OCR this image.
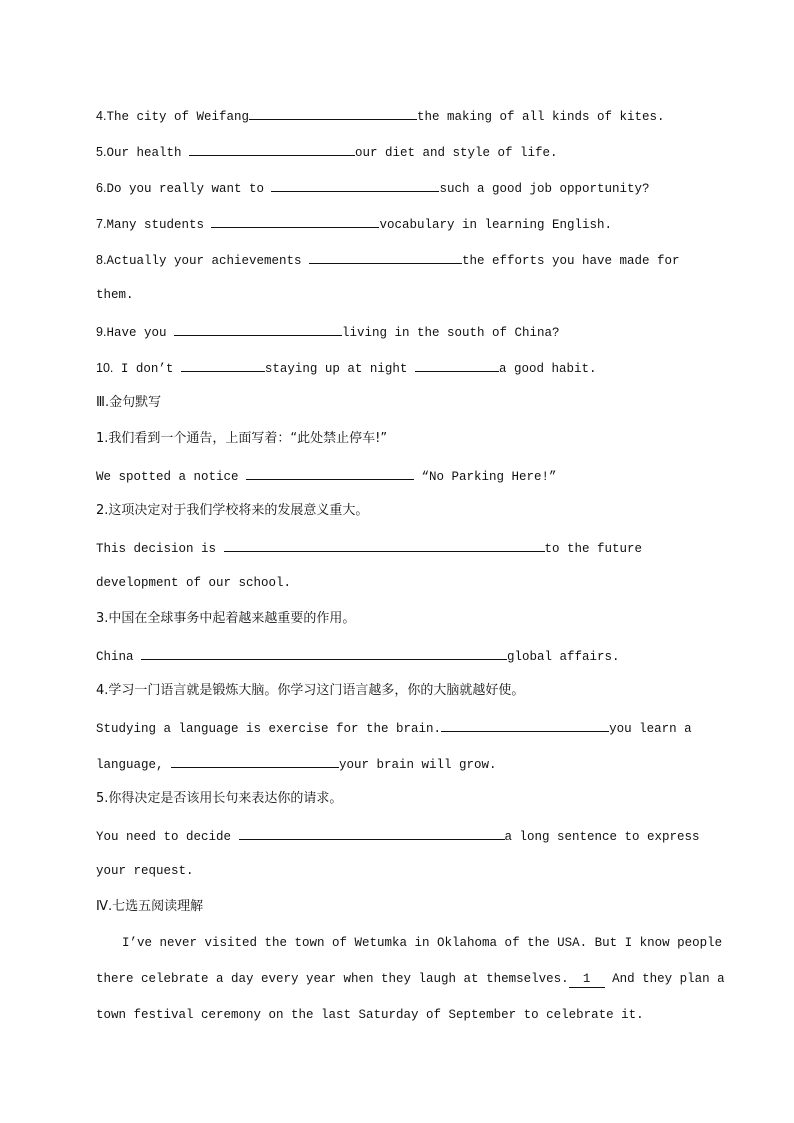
4.The city of Weifang	the making of all kinds of kites.
5.Our health	our diet and style of life.
6.Do you really want to	such a good job opportunity?
7.Many students	vocabulary in learning English.
8.Actually your achievements	the efforts you have made for
them.
9.Have you	living in the south of China?
10. I don’t	staying up at night	a good habit.
Ⅲ.金句默写
1.我们看到一个通告，上面写着：“此处禁止停车!”
We spotted a notice	“No Parking Here!”
2.这项决定对于我们学校将来的发展意义重大。
This decision is	to the future
development of our school.
3.中国在全球事务中起着越来越重要的作用。
China	global affairs.
4.学习一门语言就是锻炼大脑。你学习这门语言越多，你的大脑就越好使。
Studying a language is exercise for the brain.	you learn a
language,	your brain will grow.
5.你得决定是否该用长句来表达你的请求。
You need to decide	a long sentence to express
your request.
Ⅳ.七选五阅读理解
I’ve never visited the town of Wetumka in Oklahoma of the USA. But I know people
there celebrate a day every year when they laugh at themselves. 1 And they plan a
town festival ceremony on the last Saturday of September to celebrate it.
